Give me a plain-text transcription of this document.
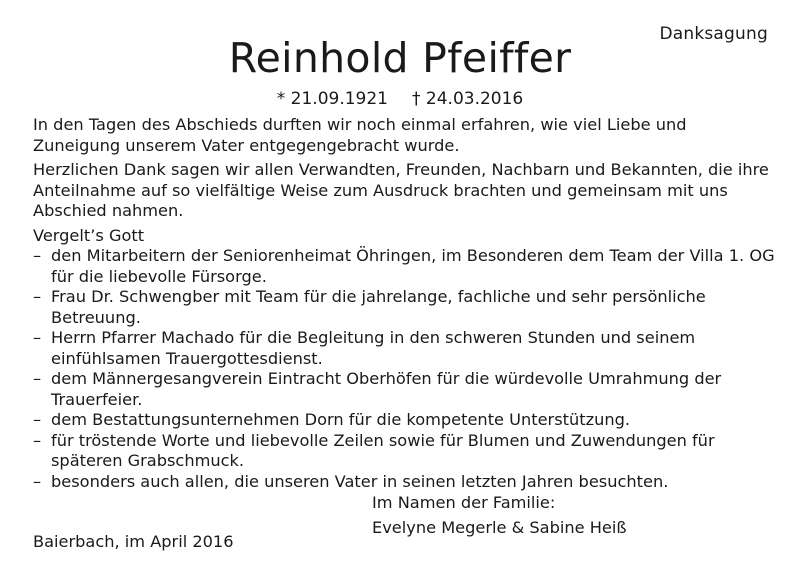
Danksagung
Reinhold Pfeiffer
* 21.09.1921 † 24.03.2016

In den Tagen des Abschieds durften wir noch einmal erfahren, wie viel Liebe und Zuneigung unserem Vater entgegengebracht wurde.

Herzlichen Dank sagen wir allen Verwandten, Freunden, Nachbarn und Bekannten, die ihre Anteilnahme auf so vielfältige Weise zum Ausdruck brachten und gemeinsam mit uns Abschied nahmen.

Vergelt’s Gott
– den Mitarbeitern der Seniorenheimat Öhringen, im Besonderen dem Team der Villa 1. OG für die liebevolle Fürsorge.
– Frau Dr. Schwengber mit Team für die jahrelange, fachliche und sehr persönliche Betreuung.
– Herrn Pfarrer Machado für die Begleitung in den schweren Stunden und seinem einfühlsamen Trauergottesdienst.
– dem Männergesangverein Eintracht Oberhöfen für die würdevolle Umrahmung der Trauerfeier.
– dem Bestattungsunternehmen Dorn für die kompetente Unterstützung.
– für tröstende Worte und liebevolle Zeilen sowie für Blumen und Zuwendungen für späteren Grabschmuck.
– besonders auch allen, die unseren Vater in seinen letzten Jahren besuchten.
Im Namen der Familie:
Evelyne Megerle & Sabine Heiß
Baierbach, im April 2016
